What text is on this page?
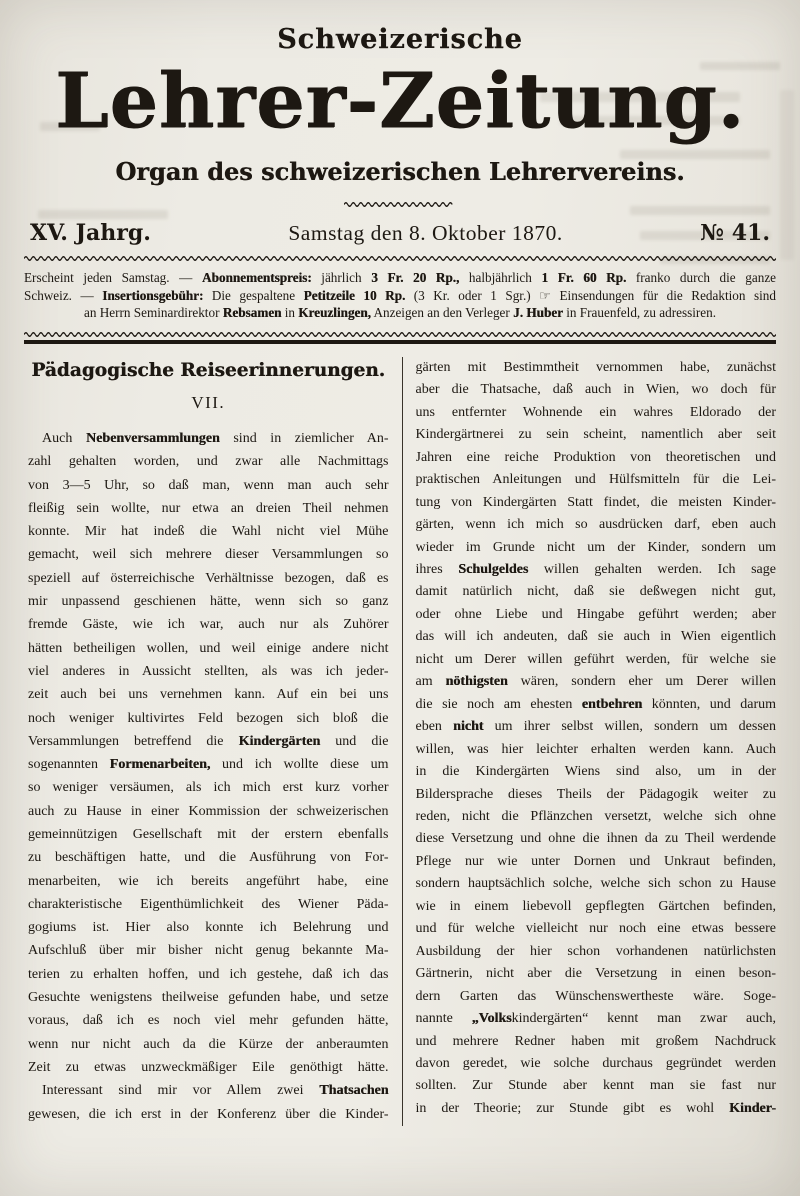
Schweizerische
Lehrer-Zeitung.
Organ des schweizerischen Lehrervereins.
XV. Jahrg.	Samstag den 8. Oktober 1870.	№ 41.
Erscheint jeden Samstag. — Abonnementspreis: jährlich 3 Fr. 20 Rp., halbjährlich 1 Fr. 60 Rp. franko durch die ganze
Schweiz. — Insertionsgebühr: Die gespaltene Petitzeile 10 Rp. (3 Kr. oder 1 Sgr.) ☞ Einsendungen für die Redaktion sind
an Herrn Seminardirektor Rebsamen in Kreuzlingen, Anzeigen an den Verleger J. Huber in Frauenfeld, zu adressiren.
Pädagogische Reiseerinnerungen.
VII.
 Auch Nebenversammlungen sind in ziemlicher An-
zahl gehalten worden, und zwar alle Nachmittags
von 3—5 Uhr, so daß man, wenn man auch sehr
fleißig sein wollte, nur etwa an dreien Theil nehmen
konnte. Mir hat indeß die Wahl nicht viel Mühe
gemacht, weil sich mehrere dieser Versammlungen so
speziell auf österreichische Verhältnisse bezogen, daß es
mir unpassend geschienen hätte, wenn sich so ganz
fremde Gäste, wie ich war, auch nur als Zuhörer
hätten betheiligen wollen, und weil einige andere nicht
viel anderes in Aussicht stellten, als was ich jeder-
zeit auch bei uns vernehmen kann. Auf ein bei uns
noch weniger kultivirtes Feld bezogen sich bloß die
Versammlungen betreffend die Kindergärten und die
sogenannten Formenarbeiten, und ich wollte diese um
so weniger versäumen, als ich mich erst kurz vorher
auch zu Hause in einer Kommission der schweizerischen
gemeinnützigen Gesellschaft mit der erstern ebenfalls
zu beschäftigen hatte, und die Ausführung von For-
menarbeiten, wie ich bereits angeführt habe, eine
charakteristische Eigenthümlichkeit des Wiener Päda-
gogiums ist. Hier also konnte ich Belehrung und
Aufschluß über mir bisher nicht genug bekannte Ma-
terien zu erhalten hoffen, und ich gestehe, daß ich das
Gesuchte wenigstens theilweise gefunden habe, und setze
voraus, daß ich es noch viel mehr gefunden hätte,
wenn nur nicht auch da die Kürze der anberaumten
Zeit zu etwas unzweckmäßiger Eile genöthigt hätte.
 Interessant sind mir vor Allem zwei Thatsachen
gewesen, die ich erst in der Konferenz über die Kinder-
gärten mit Bestimmtheit vernommen habe, zunächst
aber die Thatsache, daß auch in Wien, wo doch für
uns entfernter Wohnende ein wahres Eldorado der
Kindergärtnerei zu sein scheint, namentlich aber seit
Jahren eine reiche Produktion von theoretischen und
praktischen Anleitungen und Hülfsmitteln für die Lei-
tung von Kindergärten Statt findet, die meisten Kinder-
gärten, wenn ich mich so ausdrücken darf, eben auch
wieder im Grunde nicht um der Kinder, sondern um
ihres Schulgeldes willen gehalten werden. Ich sage
damit natürlich nicht, daß sie deßwegen nicht gut,
oder ohne Liebe und Hingabe geführt werden; aber
das will ich andeuten, daß sie auch in Wien eigentlich
nicht um Derer willen geführt werden, für welche sie
am nöthigsten wären, sondern eher um Derer willen
die sie noch am ehesten entbehren könnten, und darum
eben nicht um ihrer selbst willen, sondern um dessen
willen, was hier leichter erhalten werden kann. Auch
in die Kindergärten Wiens sind also, um in der
Bildersprache dieses Theils der Pädagogik weiter zu
reden, nicht die Pflänzchen versetzt, welche sich ohne
diese Versetzung und ohne die ihnen da zu Theil werdende
Pflege nur wie unter Dornen und Unkraut befinden,
sondern hauptsächlich solche, welche sich schon zu Hause
wie in einem liebevoll gepflegten Gärtchen befinden,
und für welche vielleicht nur noch eine etwas bessere
Ausbildung der hier schon vorhandenen natürlichsten
Gärtnerin, nicht aber die Versetzung in einen beson-
dern Garten das Wünschenswertheste wäre. Soge-
nannte „Volkskindergärten“ kennt man zwar auch,
und mehrere Redner haben mit großem Nachdruck
davon geredet, wie solche durchaus gegründet werden
sollten. Zur Stunde aber kennt man sie fast nur
in der Theorie; zur Stunde gibt es wohl Kinder-
